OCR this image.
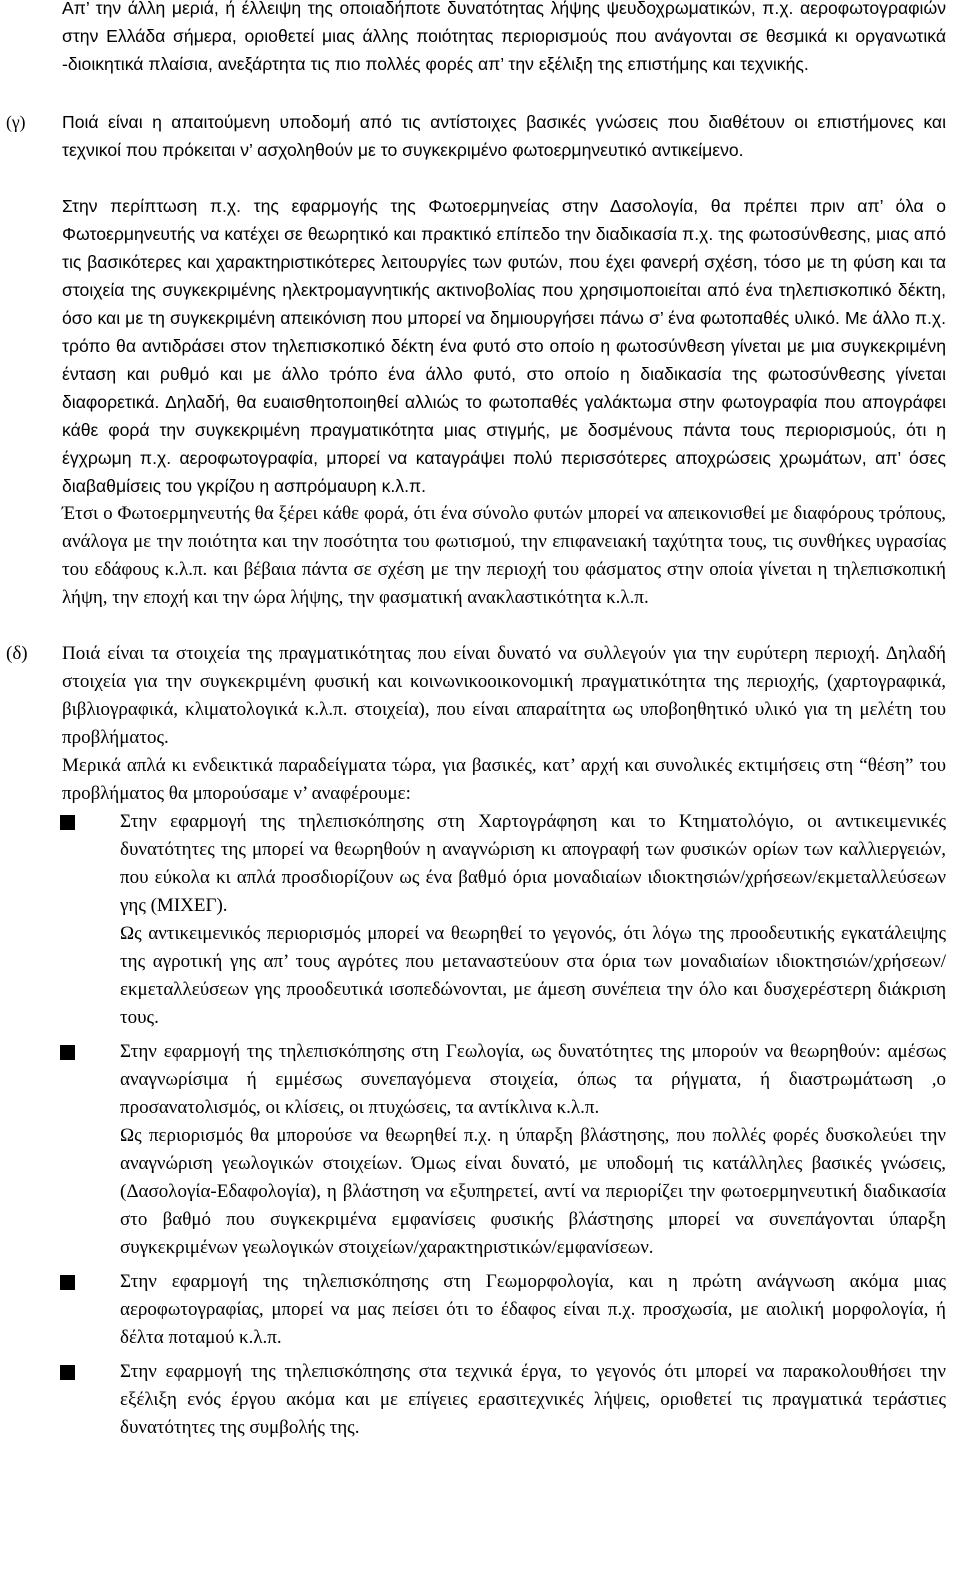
Απ’ την άλλη μεριά, ή έλλειψη της οποιαδήποτε δυνατότητας λήψης ψευδοχρωματικών, π.χ. αεροφωτογραφιών στην Ελλάδα σήμερα, οριοθετεί μιας άλλης ποιότητας περιορισμούς που ανάγονται σε θεσμικά κι οργανωτικά -διοικητικά πλαίσια, ανεξάρτητα τις πιο πολλές φορές απ’ την εξέλιξη της επιστήμης και τεχνικής.

(γ) Ποιά είναι η απαιτούμενη υποδομή από τις αντίστοιχες βασικές γνώσεις που διαθέτουν οι επιστήμονες και τεχνικοί που πρόκειται ν’ ασχοληθούν με το συγκεκριμένο φωτοερμηνευτικό αντικείμενο.

Στην περίπτωση π.χ. της εφαρμογής της Φωτοερμηνείας στην Δασολογία, θα πρέπει πριν απ’ όλα ο Φωτοερμηνευτής να κατέχει σε θεωρητικό και πρακτικό επίπεδο την διαδικασία π.χ. της φωτοσύνθεσης, μιας από τις βασικότερες και χαρακτηριστικότερες λειτουργίες των φυτών, που έχει φανερή σχέση, τόσο με τη φύση και τα στοιχεία της συγκεκριμένης ηλεκτρομαγνητικής ακτινοβολίας που χρησιμοποιείται από ένα τηλεπισκοπικό δέκτη, όσο και με τη συγκεκριμένη απεικόνιση που μπορεί να δημιουργήσει πάνω σ’ ένα φωτοπαθές υλικό. Με άλλο π.χ. τρόπο θα αντιδράσει στον τηλεπισκοπικό δέκτη ένα φυτό στο οποίο η φωτοσύνθεση γίνεται με μια συγκεκριμένη ένταση και ρυθμό και με άλλο τρόπο ένα άλλο φυτό, στο οποίο η διαδικασία της φωτοσύνθεσης γίνεται διαφορετικά. Δηλαδή, θα ευαισθητοποιηθεί αλλιώς το φωτοπαθές γαλάκτωμα στην φωτογραφία που απογράφει κάθε φορά την συγκεκριμένη πραγματικότητα μιας στιγμής, με δοσμένους πάντα τους περιορισμούς, ότι η έγχρωμη π.χ. αεροφωτογραφία, μπορεί να καταγράψει πολύ περισσότερες αποχρώσεις χρωμάτων, απ’ όσες διαβαθμίσεις του γκρίζου η ασπρόμαυρη κ.λ.π.

Έτσι ο Φωτοερμηνευτής θα ξέρει κάθε φορά, ότι ένα σύνολο φυτών μπορεί να απεικονισθεί με διαφόρους τρόπους, ανάλογα με την ποιότητα και την ποσότητα του φωτισμού, την επιφανειακή ταχύτητα τους, τις συνθήκες υγρασίας του εδάφους κ.λ.π. και βέβαια πάντα σε σχέση με την περιοχή του φάσματος στην οποία γίνεται η τηλεπισκοπική λήψη, την εποχή και την ώρα λήψης, την φασματική ανακλαστικότητα κ.λ.π.

(δ) Ποιά είναι τα στοιχεία της πραγματικότητας που είναι δυνατό να συλλεγούν για την ευρύτερη περιοχή. Δηλαδή στοιχεία για την συγκεκριμένη φυσική και κοινωνικοοικονομική πραγματικότητα της περιοχής, (χαρτογραφικά, βιβλιογραφικά, κλιματολογικά κ.λ.π. στοιχεία), που είναι απαραίτητα ως υποβοηθητικό υλικό για τη μελέτη του προβλήματος.

Μερικά απλά κι ενδεικτικά παραδείγματα τώρα, για βασικές, κατ’ αρχή και συνολικές εκτιμήσεις στη “θέση” του προβλήματος θα μπορούσαμε ν’ αναφέρουμε:

Στην εφαρμογή της τηλεπισκόπησης στη Χαρτογράφηση και το Κτηματολόγιο, οι αντικειμενικές δυνατότητες της μπορεί να θεωρηθούν η αναγνώριση κι απογραφή των φυσικών ορίων των καλλιεργειών, που εύκολα κι απλά προσδιορίζουν ως ένα βαθμό όρια μοναδιαίων ιδιοκτησιών/χρήσεων/εκμεταλλεύσεων γης (ΜΙΧΕΓ).

Ως αντικειμενικός περιορισμός μπορεί να θεωρηθεί το γεγονός, ότι λόγω της προοδευτικής εγκατάλειψης της αγροτική γης απ’ τους αγρότες που μεταναστεύουν στα όρια των μοναδιαίων ιδιοκτησιών/χρήσεων/εκμεταλλεύσεων γης προοδευτικά ισοπεδώνονται, με άμεση συνέπεια την όλο και δυσχερέστερη διάκριση τους.

Στην εφαρμογή της τηλεπισκόπησης στη Γεωλογία, ως δυνατότητες της μπορούν να θεωρηθούν: αμέσως αναγνωρίσιμα ή εμμέσως συνεπαγόμενα στοιχεία, όπως τα ρήγματα, ή διαστρωμάτωση ,ο προσανατολισμός, οι κλίσεις, οι πτυχώσεις, τα αντίκλινα κ.λ.π.

Ως περιορισμός θα μπορούσε να θεωρηθεί π.χ. η ύπαρξη βλάστησης, που πολλές φορές δυσκολεύει την αναγνώριση γεωλογικών στοιχείων. Όμως είναι δυνατό, με υποδομή τις κατάλληλες βασικές γνώσεις, (Δασολογία-Εδαφολογία), η βλάστηση να εξυπηρετεί, αντί να περιορίζει την φωτοερμηνευτική διαδικασία στο βαθμό που συγκεκριμένα εμφανίσεις φυσικής βλάστησης μπορεί να συνεπάγονται ύπαρξη συγκεκριμένων γεωλογικών στοιχείων/χαρακτηριστικών/εμφανίσεων.

Στην εφαρμογή της τηλεπισκόπησης στη Γεωμορφολογία, και η πρώτη ανάγνωση ακόμα μιας αεροφωτογραφίας, μπορεί να μας πείσει ότι το έδαφος είναι π.χ. προσχωσία, με αιολική μορφολογία, ή δέλτα ποταμού κ.λ.π.

Στην εφαρμογή της τηλεπισκόπησης στα τεχνικά έργα, το γεγονός ότι μπορεί να παρακολουθήσει την εξέλιξη ενός έργου ακόμα και με επίγειες ερασιτεχνικές λήψεις, οριοθετεί τις πραγματικά τεράστιες δυνατότητες της συμβολής της.
